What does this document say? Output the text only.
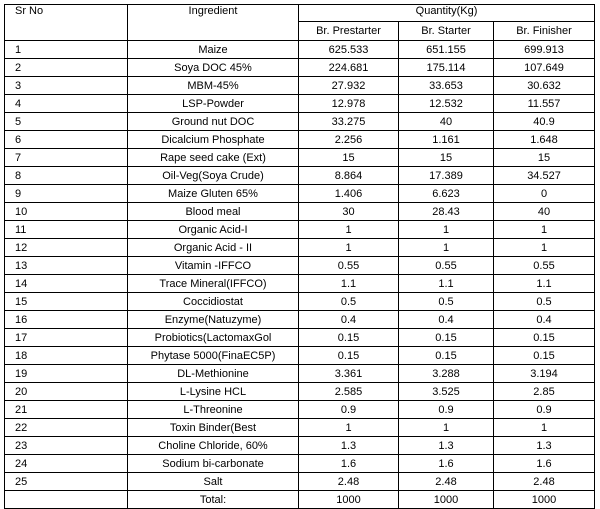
Sr No	Ingredient	Quantity(Kg)		
		Br. Prestarter	Br. Starter	Br. Finisher
1	Maize	625.533	651.155	699.913
2	Soya DOC 45%	224.681	175.114	107.649
3	MBM-45%	27.932	33.653	30.632
4	LSP-Powder	12.978	12.532	11.557
5	Ground nut DOC	33.275	40	40.9
6	Dicalcium Phosphate	2.256	1.161	1.648
7	Rape seed cake (Ext)	15	15	15
8	Oil-Veg(Soya Crude)	8.864	17.389	34.527
9	Maize Gluten 65%	1.406	6.623	0
10	Blood meal	30	28.43	40
11	Organic Acid-I	1	1	1
12	Organic Acid - II	1	1	1
13	Vitamin -IFFCO	0.55	0.55	0.55
14	Trace Mineral(IFFCO)	1.1	1.1	1.1
15	Coccidiostat	0.5	0.5	0.5
16	Enzyme(Natuzyme)	0.4	0.4	0.4
17	Probiotics(LactomaxGol	0.15	0.15	0.15
18	Phytase 5000(FinaEC5P)	0.15	0.15	0.15
19	DL-Methionine	3.361	3.288	3.194
20	L-Lysine HCL	2.585	3.525	2.85
21	L-Threonine	0.9	0.9	0.9
22	Toxin Binder(Best	1	1	1
23	Choline Chloride, 60%	1.3	1.3	1.3
24	Sodium bi-carbonate	1.6	1.6	1.6
25	Salt	2.48	2.48	2.48
	Total:	1000	1000	1000
